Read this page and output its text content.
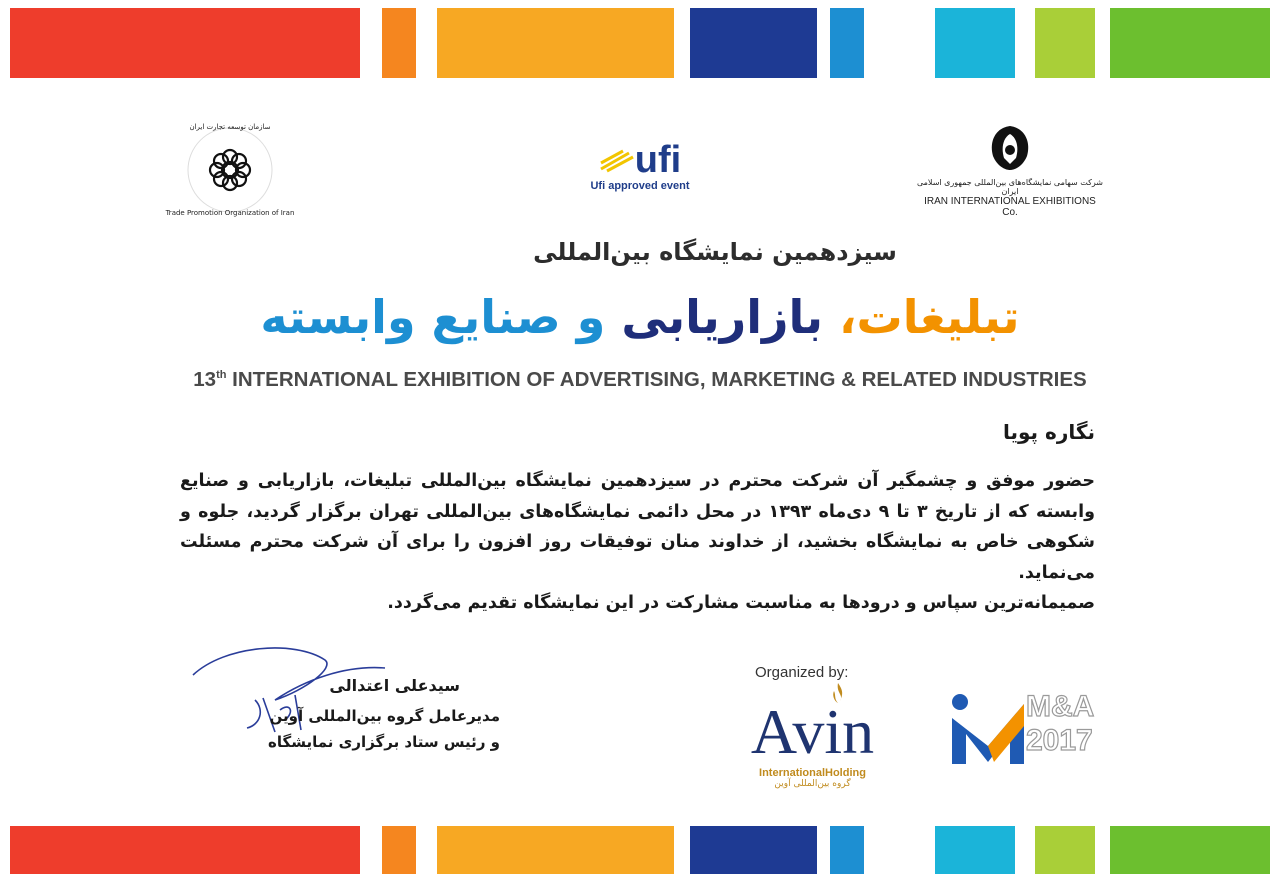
سازمان توسعه تجارت ایران
Trade Promotion Organization of Iran
ufi
Ufi approved event	شرکت سهامی نمایشگاه‌های بین‌المللی جمهوری اسلامی ایران
IRAN INTERNATIONAL EXHIBITIONS Co.
سیزدهمین نمایشگاه بین‌المللی
تبلیغات، بازاریابی و صنایع وابسته
13th INTERNATIONAL EXHIBITION OF ADVERTISING, MARKETING & RELATED INDUSTRIES
نگاره پویا

حضور موفق و چشمگیر آن شرکت محترم در سیزدهمین نمایشگاه بین‌المللی تبلیغات، بازاریابی و صنایع وابسته که از تاریخ ۳ تا ۹ دی‌ماه ۱۳۹۳ در محل دائمی نمایشگاه‌های بین‌المللی تهران برگزار گردید، جلوه و شکوهی خاص به نمایشگاه بخشید، از خداوند منان توفیقات روز افزون را برای آن شرکت محترم مسئلت می‌نماید.

صمیمانه‌ترین سپاس و درودها به مناسبت مشارکت در این نمایشگاه تقدیم می‌گردد.

سیدعلی اعتدالی
مدیرعامل گروه بین‌المللی آوین
و رئیس ستاد برگزاری نمایشگاه
Organized by:
Avin
InternationalHolding
گروه بین‌المللی آوین
M&A
2017
